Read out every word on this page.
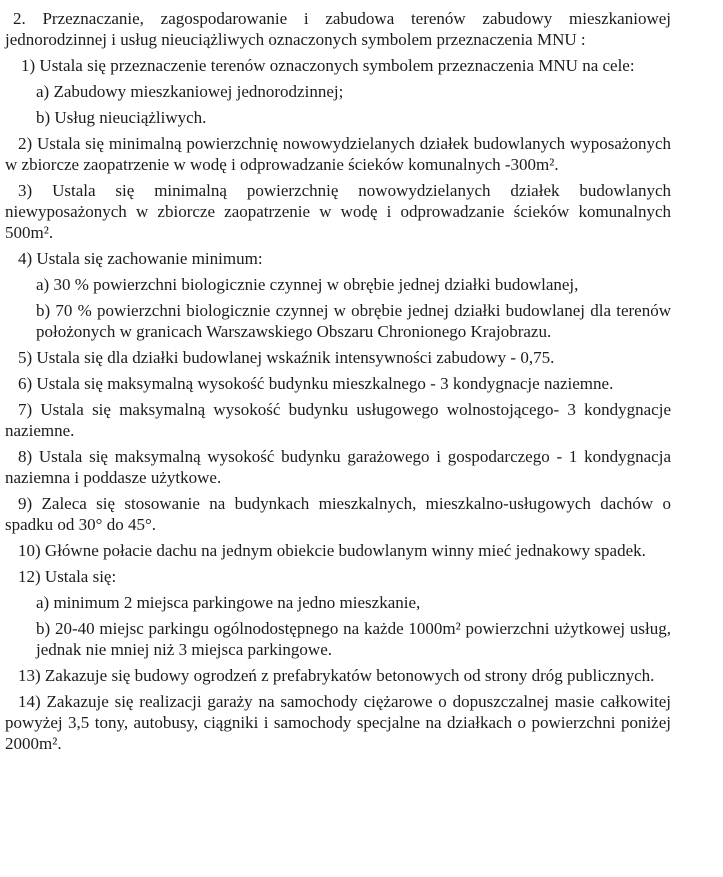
2. Przeznaczanie, zagospodarowanie i zabudowa terenów zabudowy mieszkaniowej jednorodzinnej i usług nieuciążliwych oznaczonych symbolem przeznaczenia MNU :

1) Ustala się przeznaczenie terenów oznaczonych symbolem przeznaczenia MNU na cele:

a) Zabudowy mieszkaniowej jednorodzinnej;

b) Usług nieuciążliwych.

2) Ustala się minimalną powierzchnię nowowydzielanych działek budowlanych wyposażonych w zbiorcze zaopatrzenie w wodę i odprowadzanie ścieków komunalnych -300m².

3) Ustala się minimalną powierzchnię nowowydzielanych działek budowlanych niewyposażonych w zbiorcze zaopatrzenie w wodę i odprowadzanie ścieków komunalnych 500m².

4) Ustala się zachowanie minimum:

a) 30 % powierzchni biologicznie czynnej w obrębie jednej działki budowlanej,

b) 70 % powierzchni biologicznie czynnej w obrębie jednej działki budowlanej dla terenów położonych w granicach Warszawskiego Obszaru Chronionego Krajobrazu.

5) Ustala się dla działki budowlanej wskaźnik intensywności zabudowy - 0,75.

6) Ustala się maksymalną wysokość budynku mieszkalnego - 3 kondygnacje naziemne.

7) Ustala się maksymalną wysokość budynku usługowego wolnostojącego- 3 kondygnacje naziemne.

8) Ustala się maksymalną wysokość budynku garażowego i gospodarczego - 1 kondygnacja naziemna i poddasze użytkowe.

9) Zaleca się stosowanie na budynkach mieszkalnych, mieszkalno-usługowych dachów o spadku od 30° do 45°.

10) Główne połacie dachu na jednym obiekcie budowlanym winny mieć jednakowy spadek.

12) Ustala się:

a) minimum 2 miejsca parkingowe na jedno mieszkanie,

b) 20-40 miejsc parkingu ogólnodostępnego na każde 1000m² powierzchni użytkowej usług, jednak nie mniej niż 3 miejsca parkingowe.

13) Zakazuje się budowy ogrodzeń z prefabrykatów betonowych od strony dróg publicznych.

14) Zakazuje się realizacji garaży na samochody ciężarowe o dopuszczalnej masie całkowitej powyżej 3,5 tony, autobusy, ciągniki i samochody specjalne na działkach o powierzchni poniżej 2000m².
